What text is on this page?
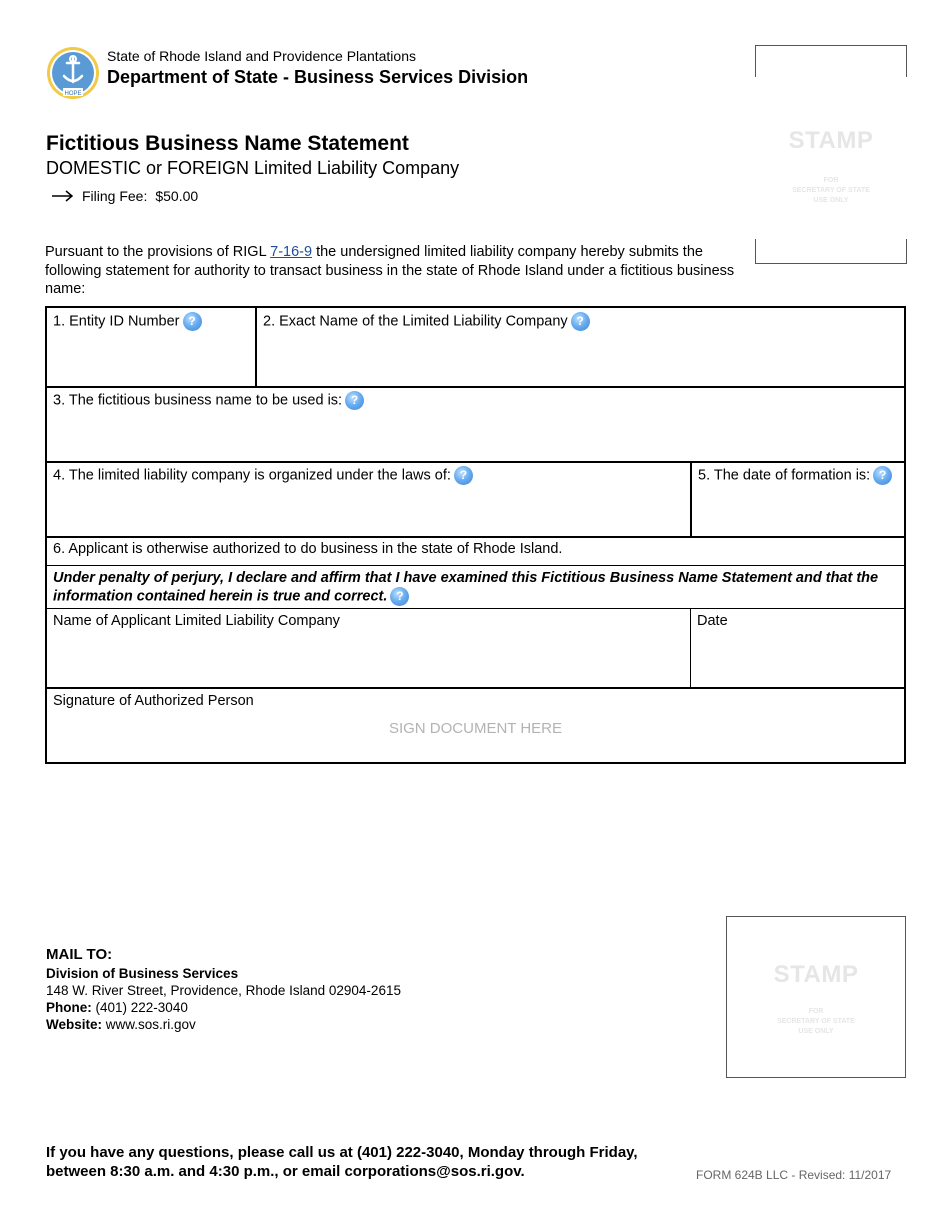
HOPE
State of Rhode Island and Providence Plantations
Department of State - Business Services Division
Fictitious Business Name Statement
DOMESTIC or FOREIGN Limited Liability Company
Filing Fee: $50.00
STAMP
FOR
SECRETARY OF STATE
USE ONLY
Pursuant to the provisions of RIGL 7-16-9 the undersigned limited liability company hereby submits the following statement for authority to transact business in the state of Rhode Island under a fictitious business name:
1. Entity ID Number ?	2. Exact Name of the Limited Liability Company ?
3. The fictitious business name to be used is: ?
4. The limited liability company is organized under the laws of: ?	5. The date of formation is: ?
6. Applicant is otherwise authorized to do business in the state of Rhode Island.
Under penalty of perjury, I declare and affirm that I have examined this Fictitious Business Name Statement and that the information contained herein is true and correct. ?
Name of Applicant Limited Liability Company	Date
Signature of Authorized Person
SIGN DOCUMENT HERE
MAIL TO:
Division of Business Services
148 W. River Street, Providence, Rhode Island 02904-2615
Phone: (401) 222-3040
Website: www.sos.ri.gov
STAMP
FOR
SECRETARY OF STATE
USE ONLY
If you have any questions, please call us at (401) 222-3040, Monday through Friday,
between 8:30 a.m. and 4:30 p.m., or email corporations@sos.ri.gov.	FORM 624B LLC - Revised: 11/2017
